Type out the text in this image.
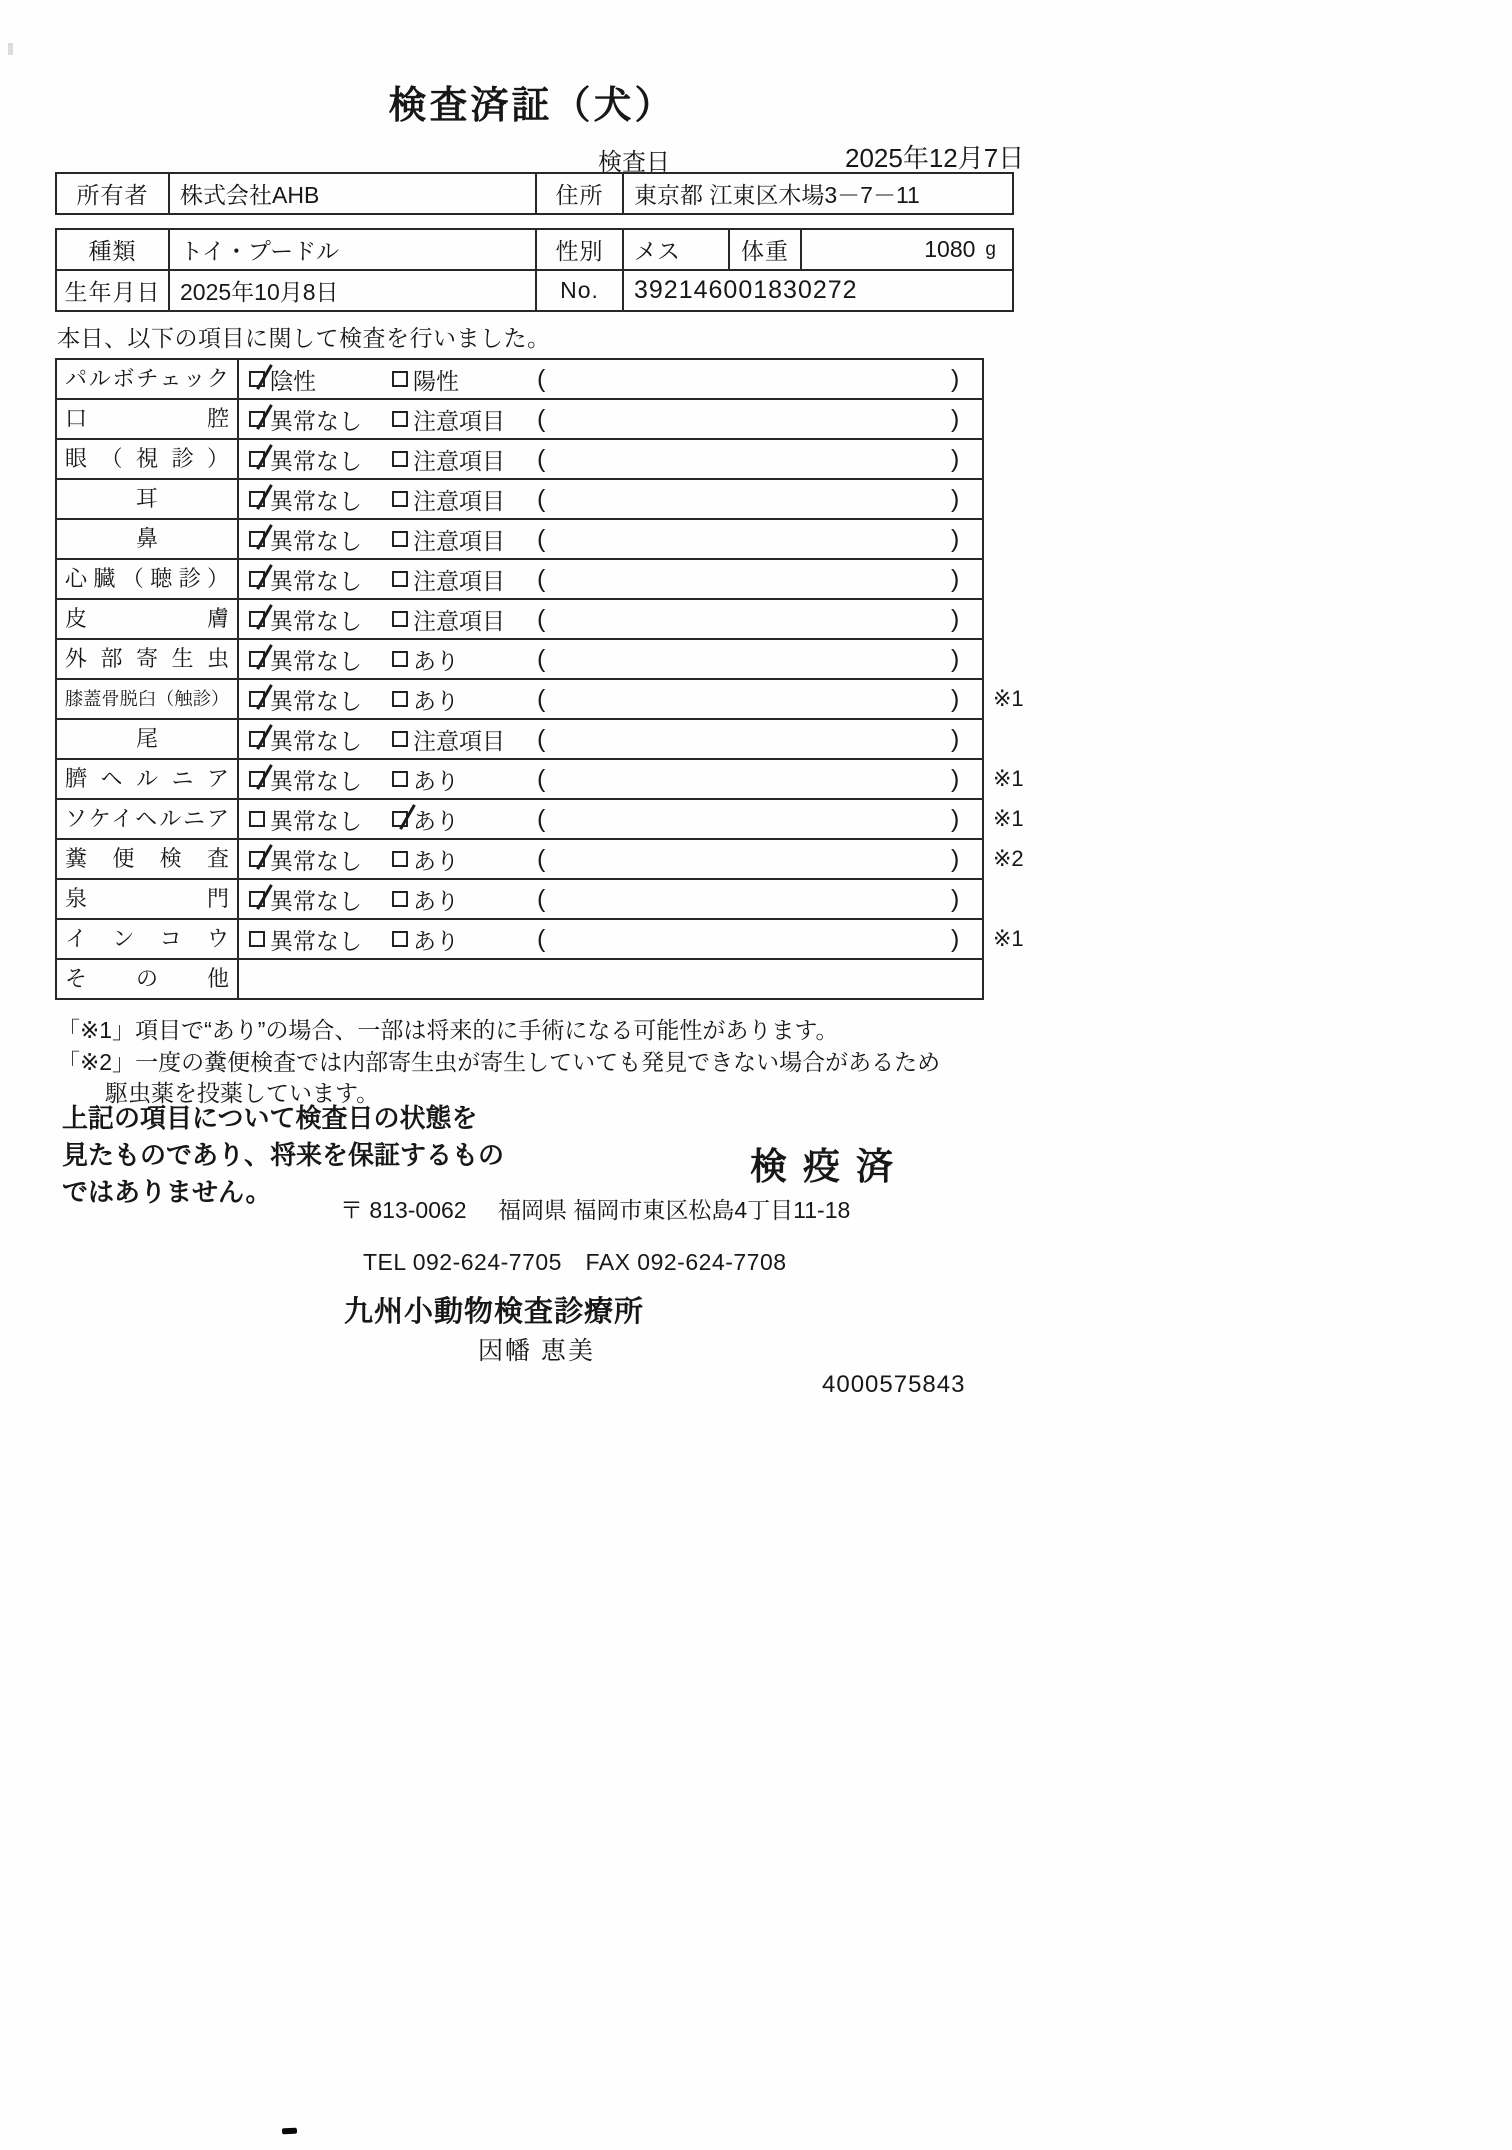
検査済証（犬）
検査日	2025年12月7日
所有者	株式会社AHB	住所	東京都 江東区木場3－7－11
種類	トイ・プードル	性別	メス	体重	1080 g
生年月日 2025年10月8日	No.	392146001830272
本日、以下の項目に関して検査を行いました。
パルボチェック	陰性	陽性	(	)
口腔	異常なし 注意項目 (	)
眼（視診）	異常なし 注意項目 (	)
耳	異常なし 注意項目 (	)
鼻	異常なし 注意項目 (	)
心臓（聴診）	異常なし 注意項目 (	)
皮膚	異常なし 注意項目 (	)
外部寄生虫	異常なし あり	(	)
膝蓋骨脱臼（触診）	異常なし あり	(	) ※1
尾	異常なし 注意項目 (	)
臍ヘルニア	異常なし あり	(	) ※1
ソケイヘルニア	異常なし あり	(	) ※1
糞便検査	異常なし あり	(	) ※2
泉門	異常なし あり	(	)
インコウ	異常なし あり	(	) ※1
その他
「※1」項目で“あり”の場合、一部は将来的に手術になる可能性があります。
「※2」一度の糞便検査では内部寄生虫が寄生していても発見できない場合があるため
駆虫薬を投薬しています。
上記の項目について検査日の状態を
見たものであり、将来を保証するもの
ではありません。
検疫済
〒 813-0062 福岡県 福岡市東区松島4丁目11-18
TEL 092-624-7705　FAX 092-624-7708
九州小動物検査診療所
因幡 恵美
4000575843
